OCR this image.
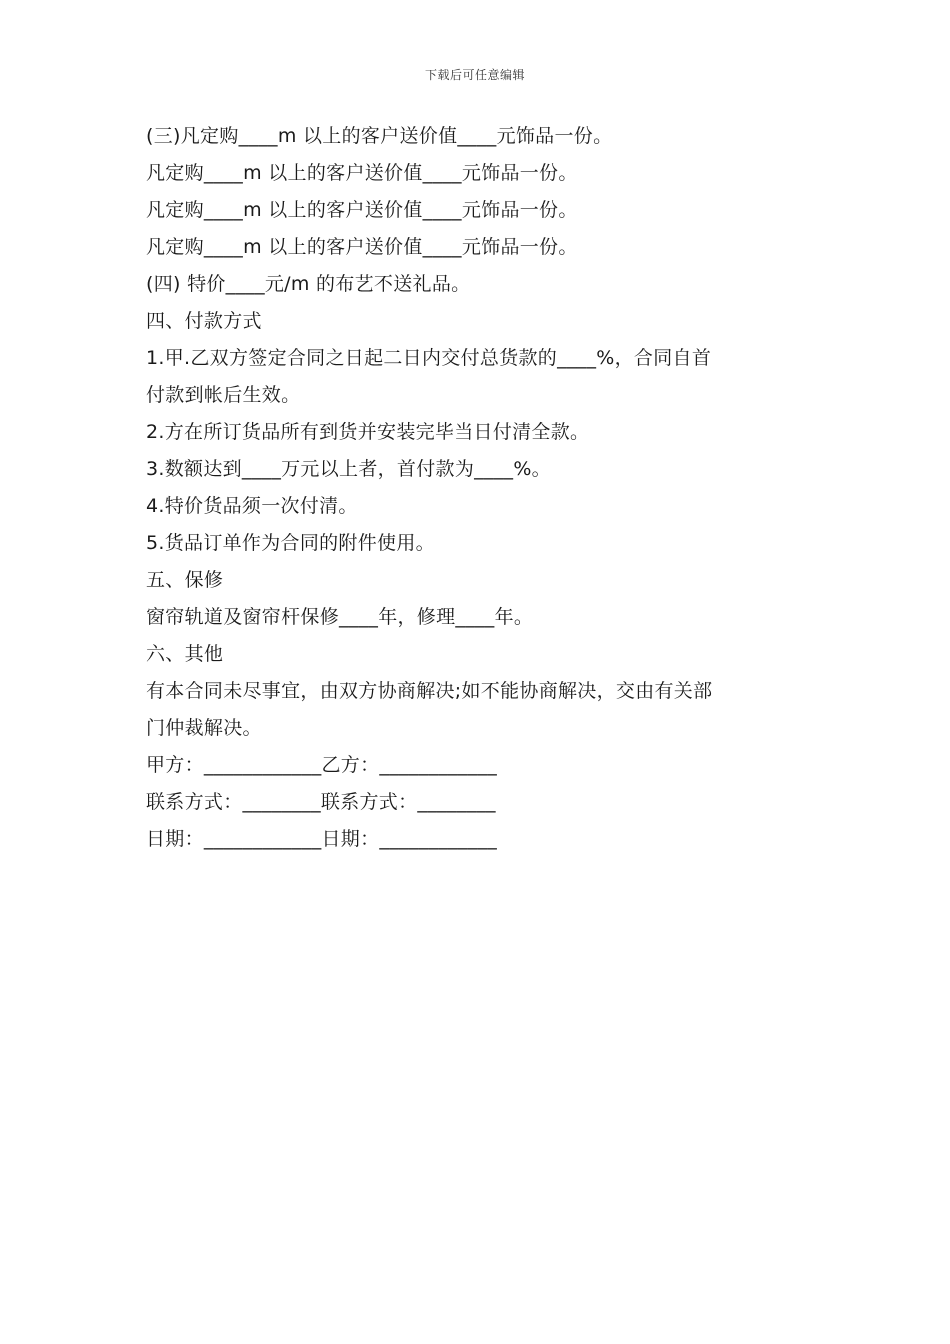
下载后可任意编辑
(三)凡定购____m 以上的客户送价值____元饰品一份。
凡定购____m 以上的客户送价值____元饰品一份。
凡定购____m 以上的客户送价值____元饰品一份。
凡定购____m 以上的客户送价值____元饰品一份。
(四) 特价____元/m 的布艺不送礼品。
四、付款方式
1.甲.乙双方签定合同之日起二日内交付总货款的____%，合同自首
付款到帐后生效。
2.方在所订货品所有到货并安装完毕当日付清全款。
3.数额达到____万元以上者，首付款为____%。
4.特价货品须一次付清。
5.货品订单作为合同的附件使用。
五、保修
窗帘轨道及窗帘杆保修____年，修理____年。
六、其他
有本合同未尽事宜，由双方协商解决;如不能协商解决，交由有关部
门仲裁解决。
甲方：____________乙方：____________
联系方式：________联系方式：________
日期：____________日期：____________
